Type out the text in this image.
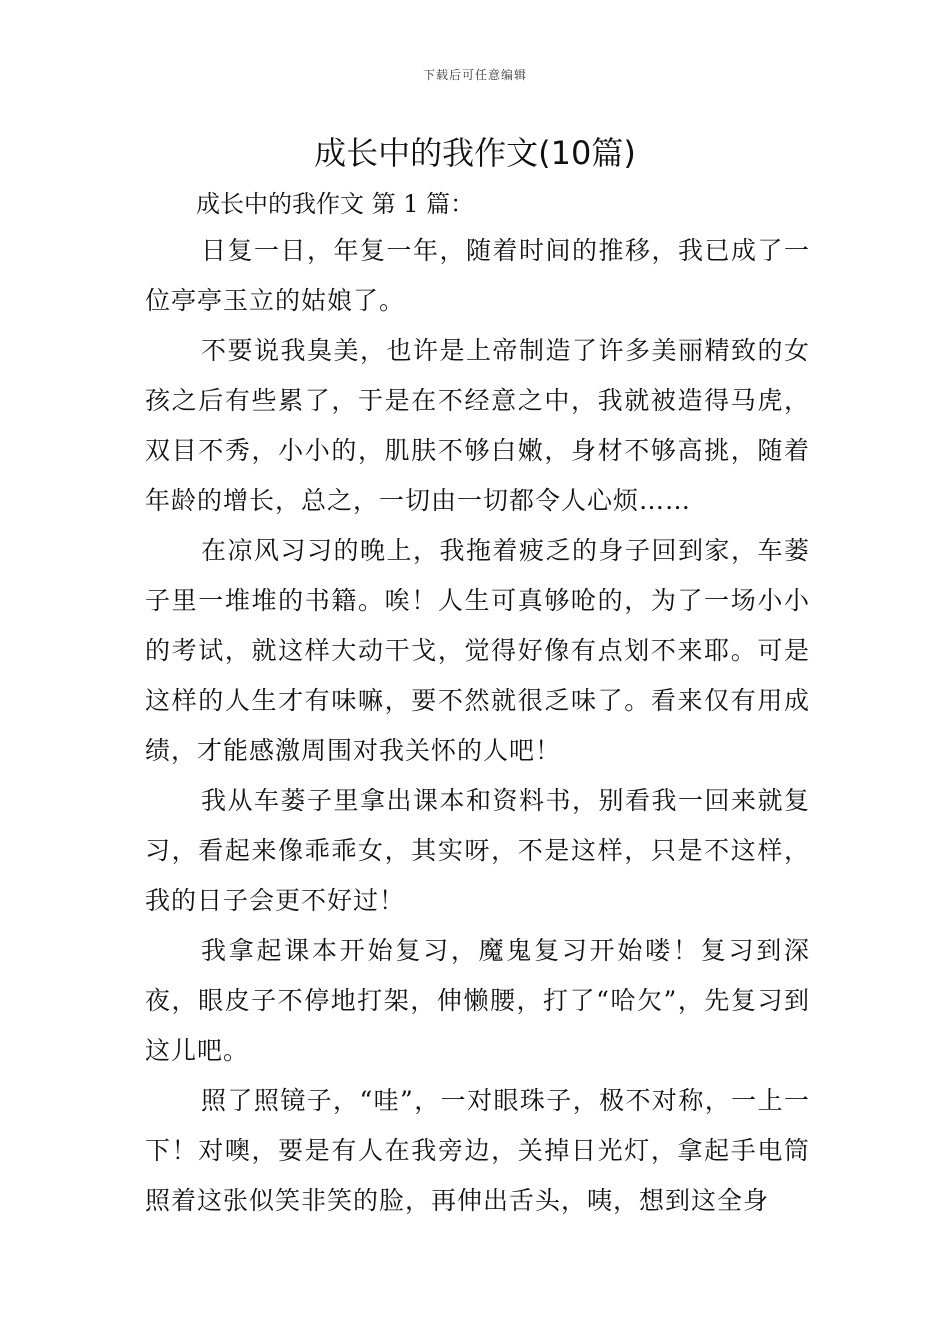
下载后可任意编辑
成长中的我作文(10篇)

成长中的我作文 第 1 篇：

日复一日，年复一年，随着时间的推移，我已成了一位亭亭玉立的姑娘了。

不要说我臭美，也许是上帝制造了许多美丽精致的女孩之后有些累了，于是在不经意之中，我就被造得马虎，双目不秀，小小的，肌肤不够白嫩，身材不够高挑，随着年龄的增长，总之，一切由一切都令人心烦……

在凉风习习的晚上，我拖着疲乏的身子回到家，车蒌子里一堆堆的书籍。唉！人生可真够呛的，为了一场小小的考试，就这样大动干戈，觉得好像有点划不来耶。可是这样的人生才有味嘛，要不然就很乏味了。看来仅有用成绩，才能感激周围对我关怀的人吧！

我从车蒌子里拿出课本和资料书，别看我一回来就复习，看起来像乖乖女，其实呀，不是这样，只是不这样，我的日子会更不好过！

我拿起课本开始复习，魔鬼复习开始喽！复习到深夜，眼皮子不停地打架，伸懒腰，打了“哈欠”，先复习到这儿吧。

照了照镜子，“哇”，一对眼珠子，极不对称，一上一下！对噢，要是有人在我旁边，关掉日光灯，拿起手电筒照着这张似笑非笑的脸，再伸出舌头，咦，想到这全身
